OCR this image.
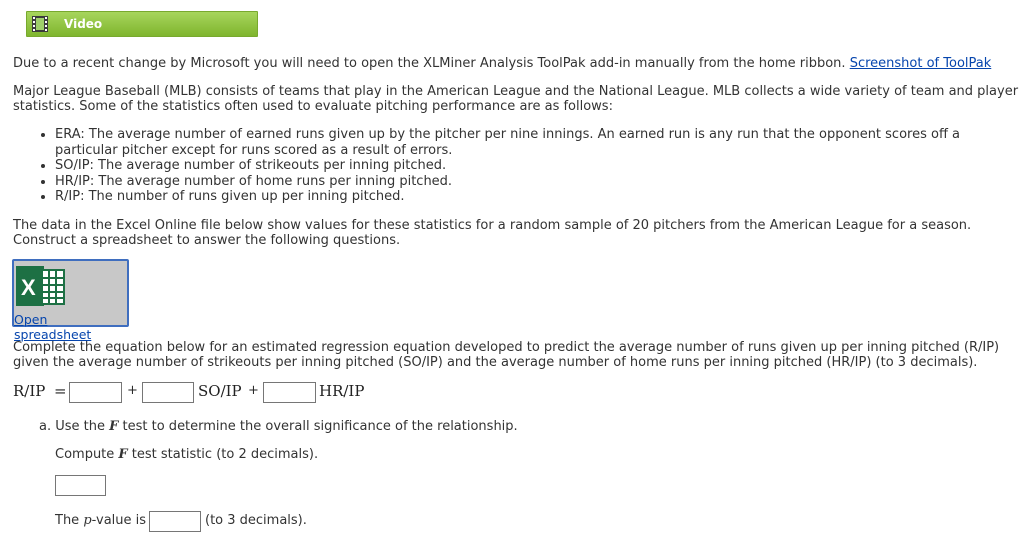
Video
Due to a recent change by Microsoft you will need to open the XLMiner Analysis ToolPak add-in manually from the home ribbon. Screenshot of ToolPak
Major League Baseball (MLB) consists of teams that play in the American League and the National League. MLB collects a wide variety of team and player
statistics. Some of the statistics often used to evaluate pitching performance are as follows:
• ERA: The average number of earned runs given up by the pitcher per nine innings. An earned run is any run that the opponent scores off a particular pitcher except for runs scored as a result of errors.
• SO/IP: The average number of strikeouts per inning pitched.
• HR/IP: The average number of home runs per inning pitched.
• R/IP: The number of runs given up per inning pitched.
The data in the Excel Online file below show values for these statistics for a random sample of 20 pitchers from the American League for a season.
Construct a spreadsheet to answer the following questions.
X
Open spreadsheet
Complete the equation below for an estimated regression equation developed to predict the average number of runs given up per inning pitched (R/IP)
given the average number of strikeouts per inning pitched (SO/IP) and the average number of home runs per inning pitched (HR/IP) (to 3 decimals).
R/IP =	+	SO/IP +	HR/IP
a. Use the F test to determine the overall significance of the relationship.
Compute F test statistic (to 2 decimals).
The p-value is	(to 3 decimals).
